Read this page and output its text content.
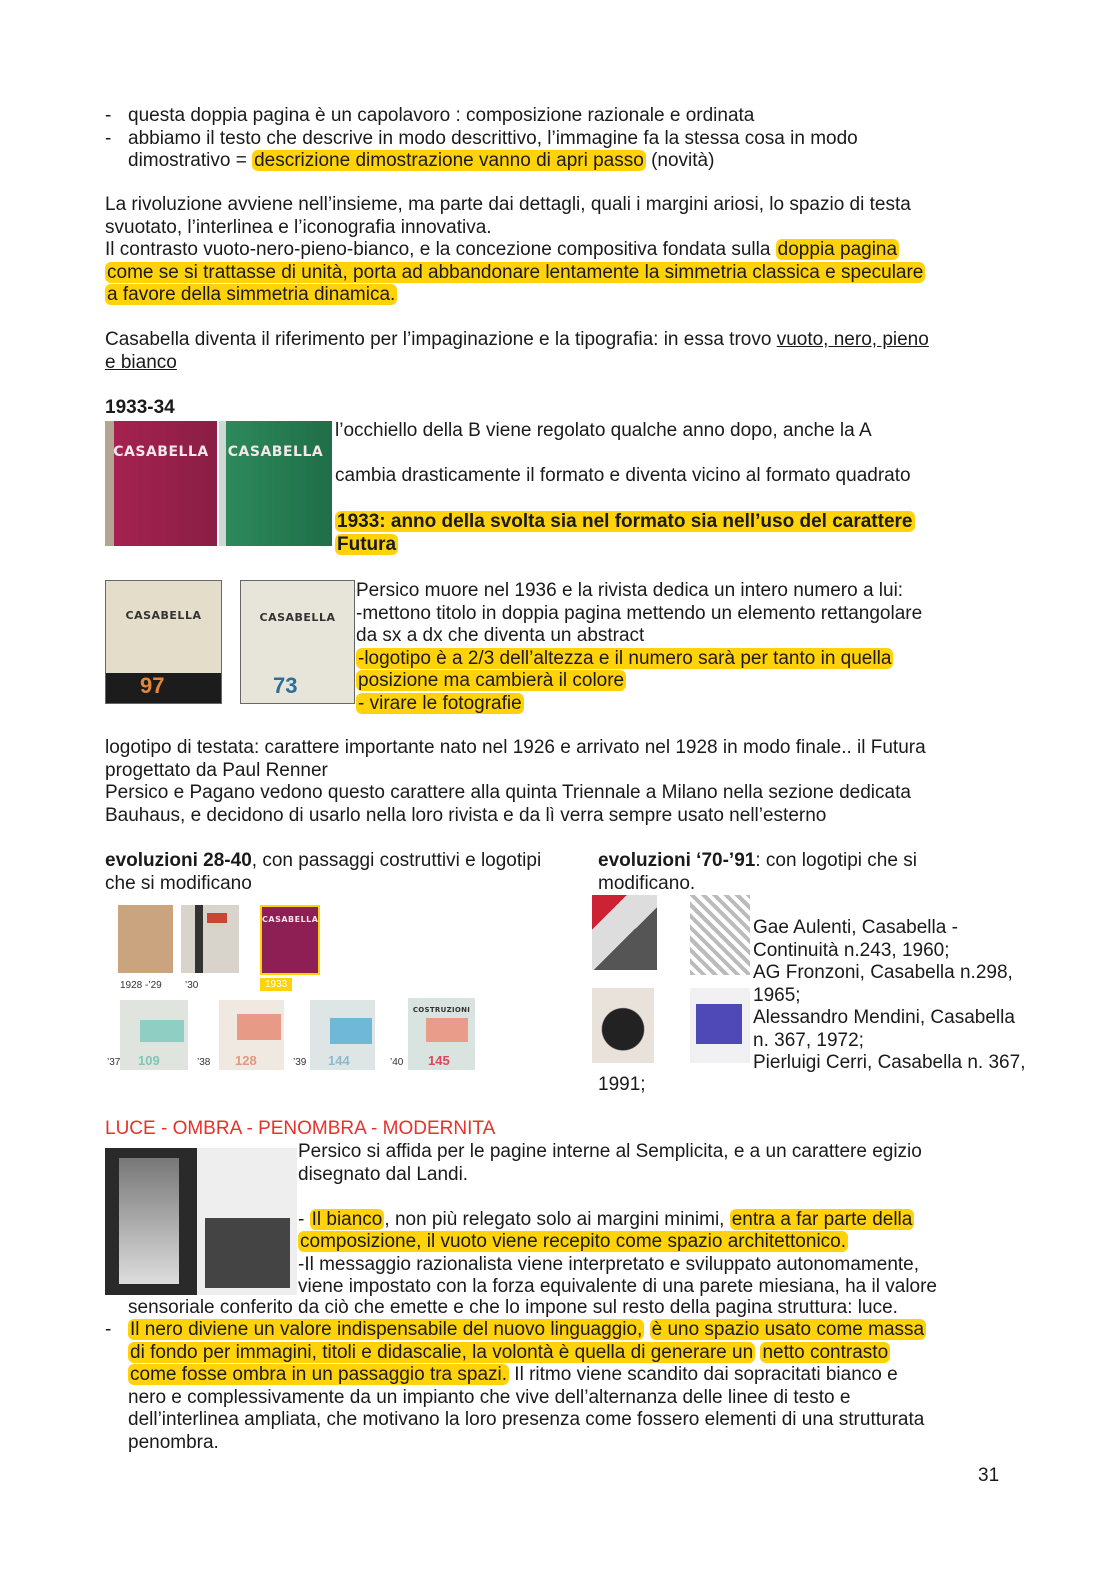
- questa doppia pagina è un capolavoro : composizione razionale e ordinata
- abbiamo il testo che descrive in modo descrittivo, l’immagine fa la stessa cosa in modo
dimostrativo = descrizione dimostrazione vanno di apri passo (novità)
La rivoluzione avviene nell’insieme, ma parte dai dettagli, quali i margini ariosi, lo spazio di testa
svuotato, l’interlinea e l’iconografia innovativa.
Il contrasto vuoto-nero-pieno-bianco, e la concezione compositiva fondata sulla doppia pagina
come se si trattasse di unità, porta ad abbandonare lentamente la simmetria classica e speculare
a favore della simmetria dinamica.
Casabella diventa il riferimento per l’impaginazione e la tipografia: in essa trovo vuoto, nero, pieno
e bianco
1933-34
CASABELLA	CASABELLA
l’occhiello della B viene regolato qualche anno dopo, anche la A
cambia drasticamente il formato e diventa vicino al formato quadrato
1933: anno della svolta sia nel formato sia nell’uso del carattere
Futura
CASABELLA
97
CASABELLA
73
Persico muore nel 1936 e la rivista dedica un intero numero a lui:
-mettono titolo in doppia pagina mettendo un elemento rettangolare
da sx a dx che diventa un abstract
-logotipo è a 2/3 dell’altezza e il numero sarà per tanto in quella
posizione ma cambierà il colore
- virare le fotografie
logotipo di testata: carattere importante nato nel 1926 e arrivato nel 1928 in modo finale.. il Futura
progettato da Paul Renner
Persico e Pagano vedono questo carattere alla quinta Triennale a Milano nella sezione dedicata
Bauhaus, e decidono di usarlo nella loro rivista e da lì verra sempre usato nell’esterno
evoluzioni 28-40, con passaggi costruttivi e logotipi
che si modificano
evoluzioni ‘70-’91: con logotipi che si
modificano.
CASABELLA
1928 -’29 ’30	1933
’37 109	’38 128	’39 144	’40
COSTRUZIONI
145
Gae Aulenti, Casabella -
Continuità n.243, 1960;
AG Fronzoni, Casabella n.298,
1965;
Alessandro Mendini, Casabella
n. 367, 1972;
Pierluigi Cerri, Casabella n. 367,
1991;
LUCE - OMBRA - PENOMBRA - MODERNITA
Persico si affida per le pagine interne al Semplicita, e a un carattere egizio
disegnato dal Landi.
- Il bianco , non più relegato solo ai margini minimi, entra a far parte della
composizione, il vuoto viene recepito come spazio architettonico.
-Il messaggio razionalista viene interpretato e sviluppato autonomamente,
viene impostato con la forza equivalente di una parete miesiana, ha il valore
sensoriale conferito da ciò che emette e che lo impone sul resto della pagina struttura: luce.
- Il nero diviene un valore indispensabile del nuovo linguaggio, è uno spazio usato come massa
di fondo per immagini, titoli e didascalie, la volontà è quella di generare un netto contrasto
come fosse ombra in un passaggio tra spazi. Il ritmo viene scandito dai sopracitati bianco e
nero e complessivamente da un impianto che vive dell’alternanza delle linee di testo e
dell’interlinea ampliata, che motivano la loro presenza come fossero elementi di una strutturata
penombra.
31
